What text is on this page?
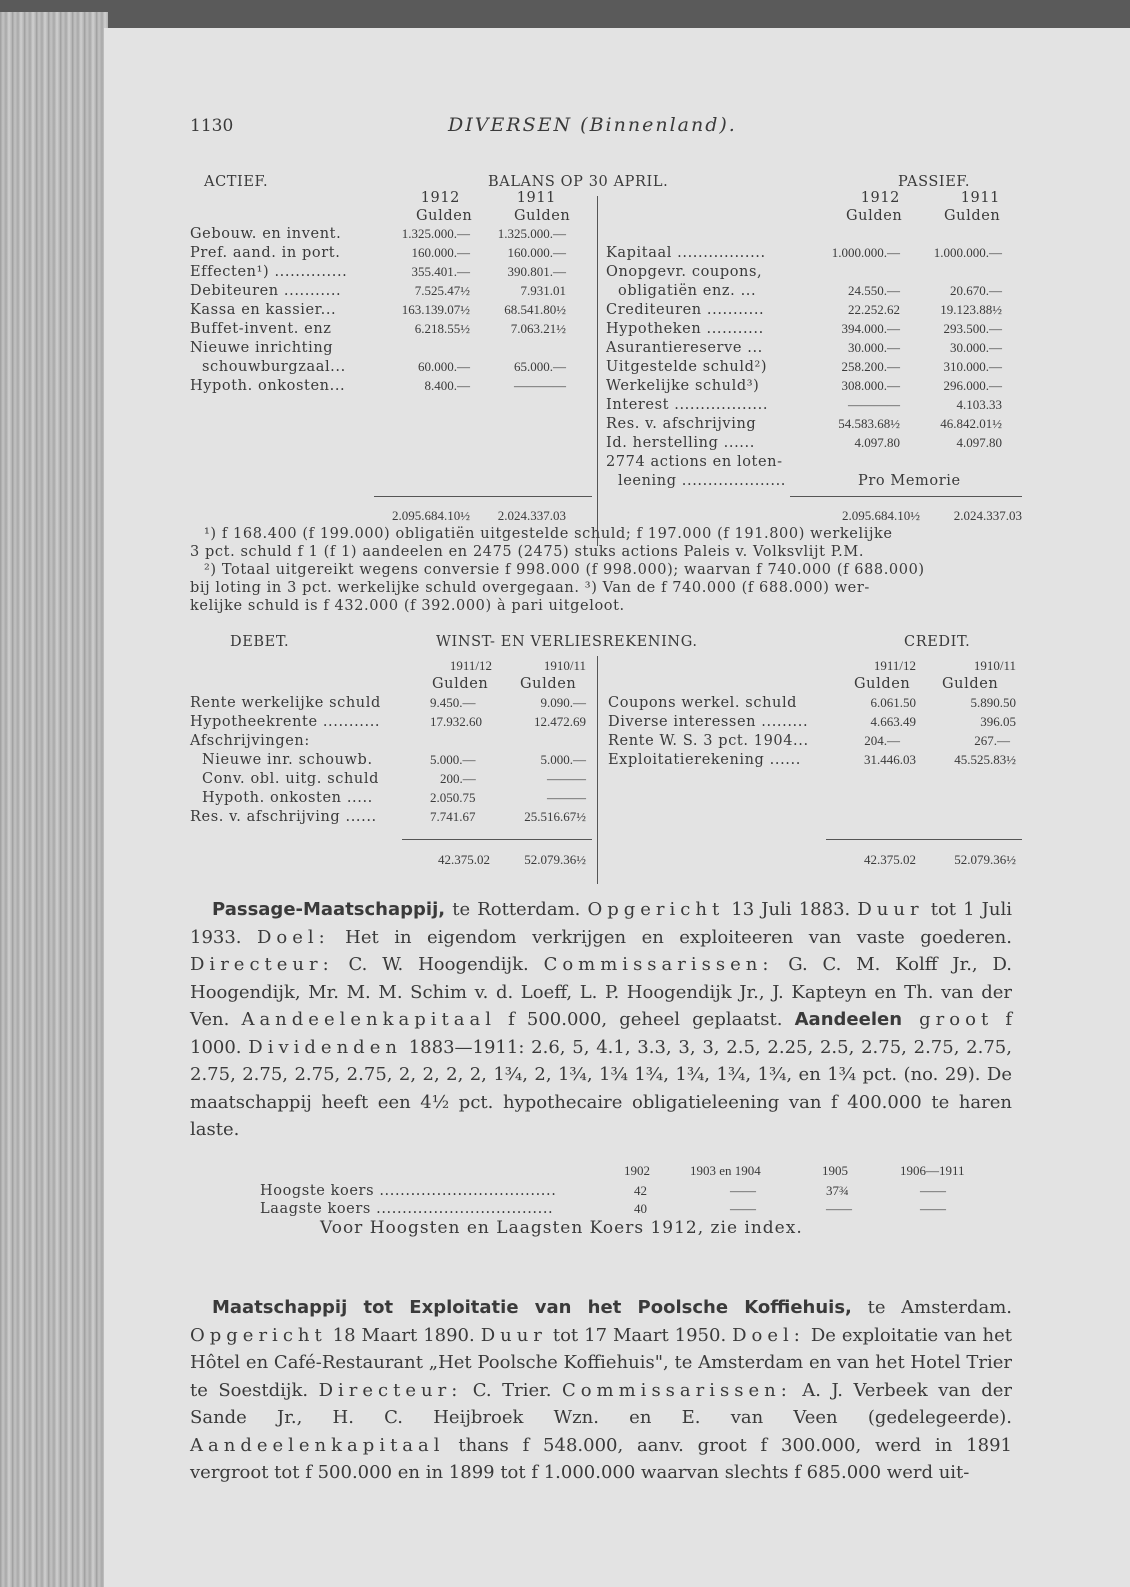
1130	DIVERSEN (Binnenland).
ACTIEF.	BALANS OP 30 APRIL.	PASSIEF.
1912	1911
Gulden	Gulden
1912	1911
Gulden	Gulden
Gebouw. en invent.	1.325.000.—	1.325.000.—
Pref. aand. in port.	160.000.—	160.000.—
Effecten¹) ..............	355.401.—	390.801.—
Debiteuren ...........	7.525.47½	7.931.01
Kassa en kassier...	163.139.07½	68.541.80½
Buffet-invent. enz	6.218.55½	7.063.21½
Nieuwe inrichting
schouwburgzaal...	60.000.—	65.000.—
Hypoth. onkosten...	8.400.—	————
Kapitaal .................	1.000.000.—	1.000.000.—
Onopgevr. coupons,
obligatiën enz. ...	24.550.—	20.670.—
Crediteuren ...........	22.252.62	19.123.88½
Hypotheken ...........	394.000.—	293.500.—
Asurantiereserve ...	30.000.—	30.000.—
Uitgestelde schuld²)	258.200.—	310.000.—
Werkelijke schuld³)	308.000.—	296.000.—
Interest ..................	————	4.103.33
Res. v. afschrijving	54.583.68½	46.842.01½
Id. herstelling ......	4.097.80	4.097.80
2774 actions en loten-
leening ....................	Pro Memorie
2.095.684.10½	2.024.337.03	2.095.684.10½	2.024.337.03
¹) f 168.400 (f 199.000) obligatiën uitgestelde schuld; f 197.000 (f 191.800) werkelijke
3 pct. schuld f 1 (f 1) aandeelen en 2475 (2475) stuks actions Paleis v. Volksvlijt P.M.
²) Totaal uitgereikt wegens conversie f 998.000 (f 998.000); waarvan f 740.000 (f 688.000)
bij loting in 3 pct. werkelijke schuld overgegaan. ³) Van de f 740.000 (f 688.000) wer-
kelijke schuld is f 432.000 (f 392.000) à pari uitgeloot.
DEBET.	WINST- EN VERLIESREKENING.	CREDIT.
1911/12	1910/11
Gulden Gulden
1911/12	1910/11
Gulden Gulden
Rente werkelijke schuld	9.450.—	9.090.—
Hypotheekrente ...........	17.932.60	12.472.69
Afschrijvingen:
Nieuwe inr. schouwb.	5.000.—	5.000.—
Conv. obl. uitg. schuld	200.—	———
Hypoth. onkosten .....	2.050.75	———
Res. v. afschrijving ......	7.741.67	25.516.67½
Coupons werkel. schuld	6.061.50	5.890.50
Diverse interessen .........	4.663.49	396.05
Rente W. S. 3 pct. 1904...	204.—	267.—
Exploitatierekening ......	31.446.03	45.525.83½
42.375.02	52.079.36½	42.375.02	52.079.36½
Passage-Maatschappij, te Rotterdam. Opgericht 13 Juli 1883. Duur tot 1 Juli 1933. Doel: Het in eigendom verkrijgen en exploiteeren van vaste goederen. Directeur: C. W. Hoogendijk. Commissarissen: G. C. M. Kolff Jr., D. Hoogendijk, Mr. M. M. Schim v. d. Loeff, L. P. Hoogendijk Jr., J. Kapteyn en Th. van der Ven. Aandeelenkapitaal f 500.000, geheel geplaatst. Aandeelen groot f 1000. Dividenden 1883—1911: 2.6, 5, 4.1, 3.3, 3, 3, 2.5, 2.25, 2.5, 2.75, 2.75, 2.75, 2.75, 2.75, 2.75, 2.75, 2, 2, 2, 2, 1¾, 2, 1¾, 1¾ 1¾, 1¾, 1¾, 1¾, en 1¾ pct. (no. 29). De maatschappij heeft een 4½ pct. hypothecaire obligatieleening van f 400.000 te haren laste.
1902	1903 en 1904	1905	1906—1911
Hoogste koers ..................................	42	——	37¾	——
Laagste koers ..................................	40	——	——	——
Voor Hoogsten en Laagsten Koers 1912, zie index.
Maatschappij tot Exploitatie van het Poolsche Koffiehuis, te Amsterdam. Opgericht 18 Maart 1890. Duur tot 17 Maart 1950. Doel: De exploitatie van het Hôtel en Café-Restaurant „Het Poolsche Koffiehuis", te Amsterdam en van het Hotel Trier te Soestdijk. Directeur: C. Trier. Commissarissen: A. J. Verbeek van der Sande Jr., H. C. Heijbroek Wzn. en E. van Veen (gedelegeerde). Aandeelenkapitaal thans f 548.000, aanv. groot f 300.000, werd in 1891 vergroot tot f 500.000 en in 1899 tot f 1.000.000 waarvan slechts f 685.000 werd uit-
